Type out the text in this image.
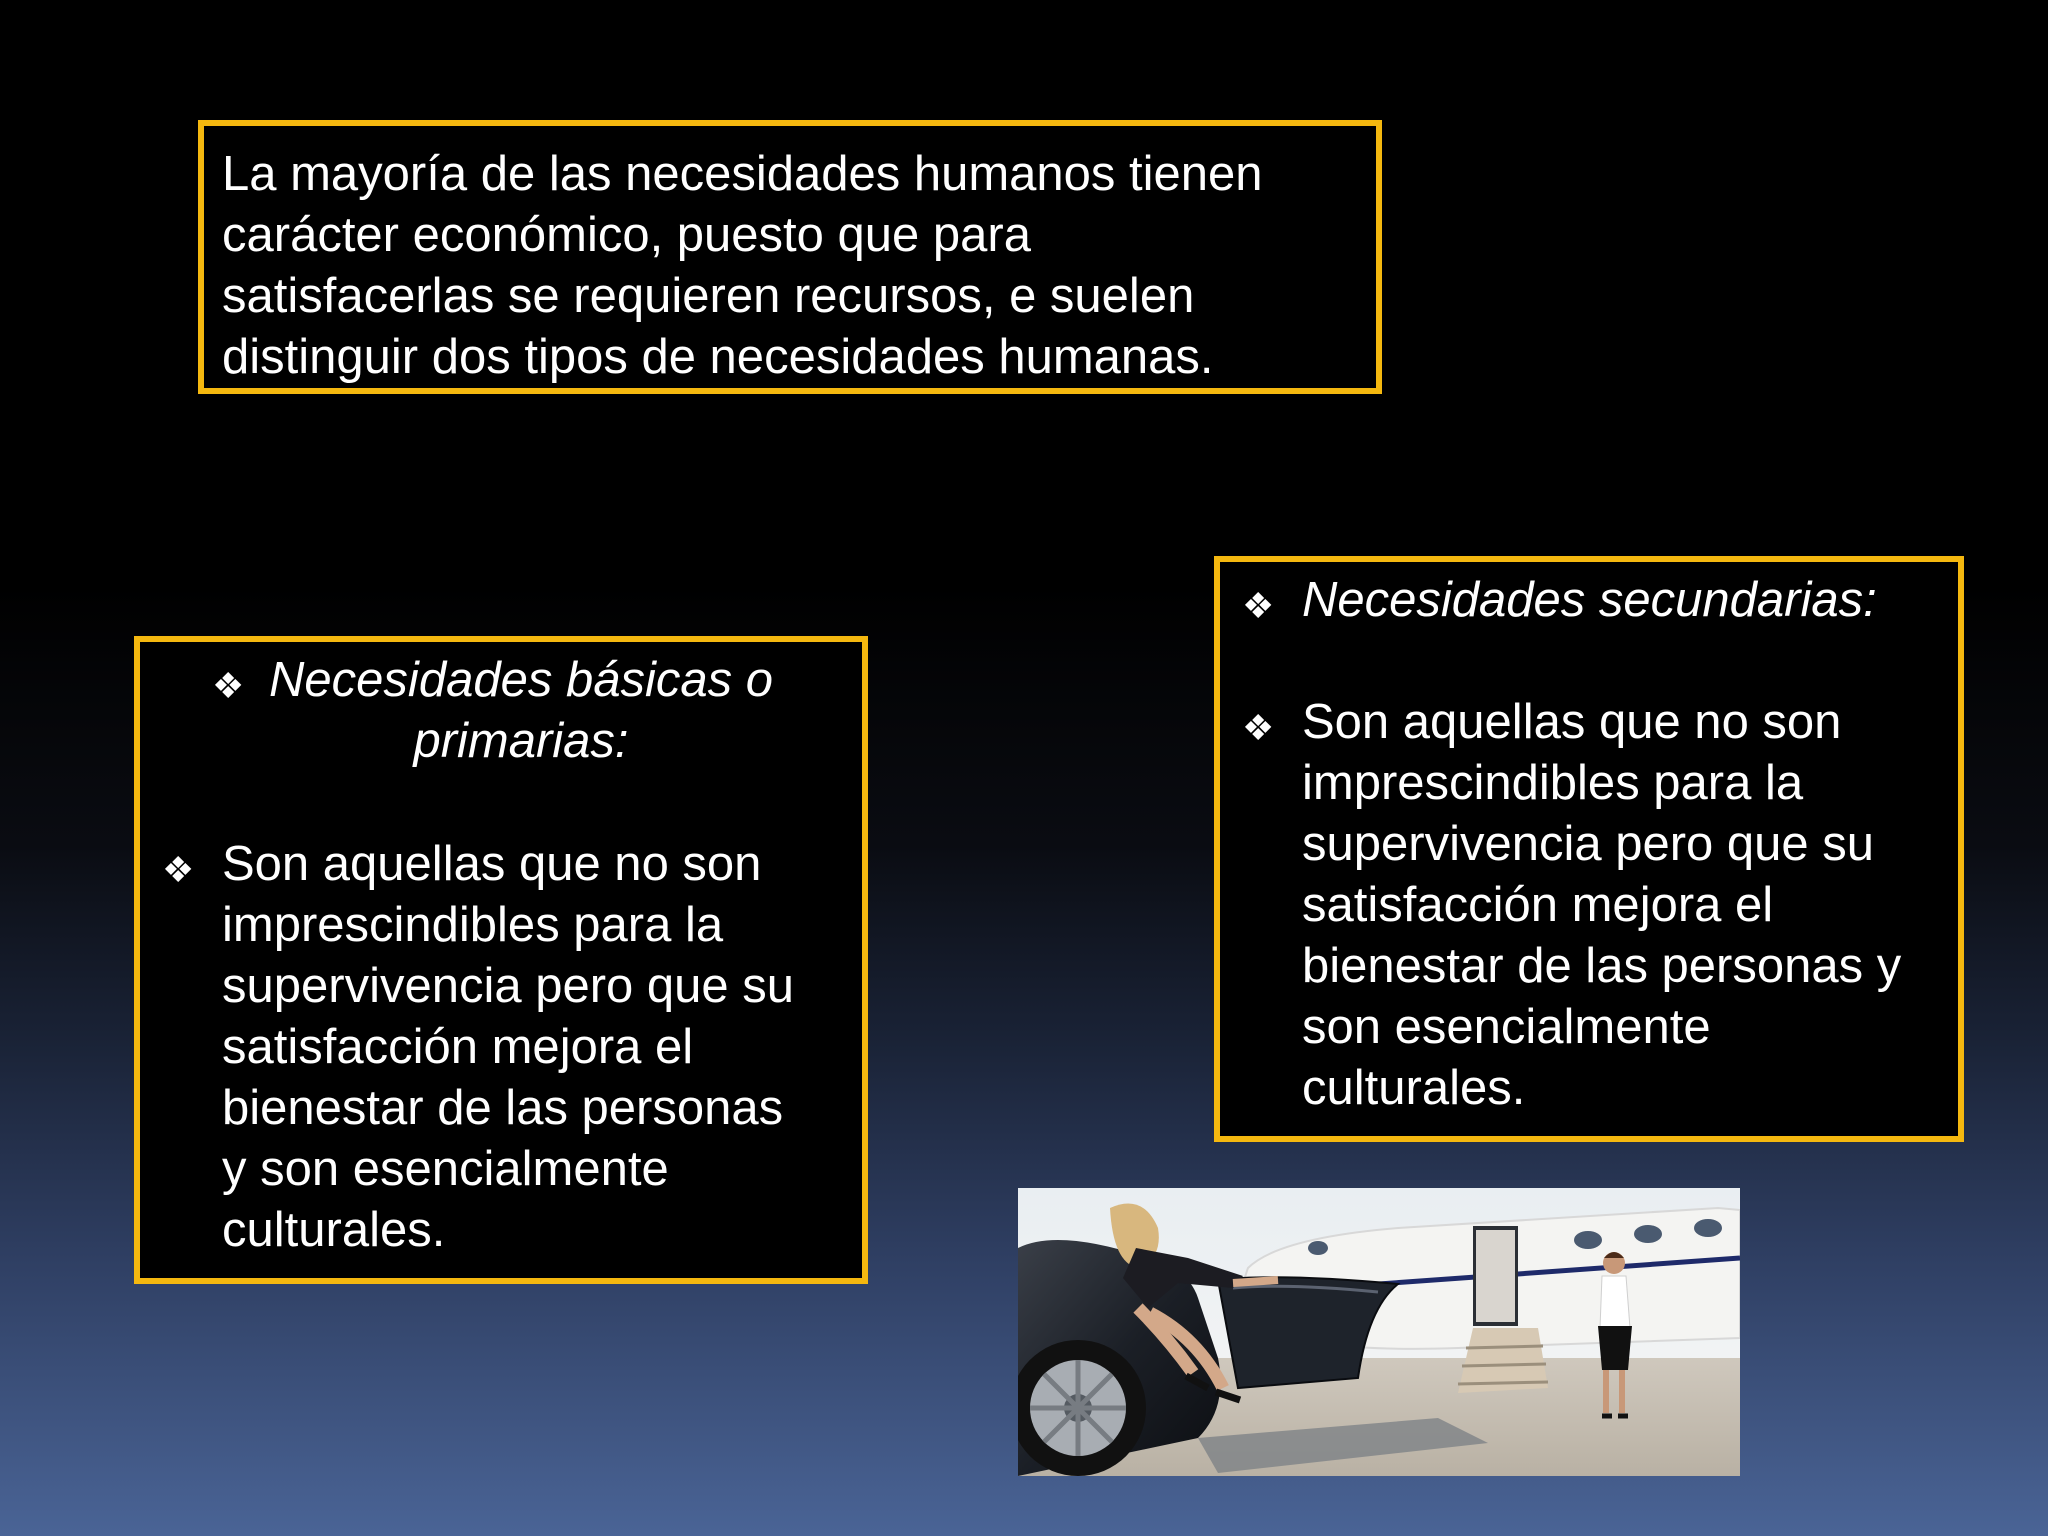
La mayoría de las necesidades humanos tienen
carácter económico, puesto que para
satisfacerlas se requieren recursos, e suelen
distinguir dos tipos de necesidades humanas.

❖ Necesidades básicas o
primarias:

❖ Son aquellas que no son
imprescindibles para la
supervivencia pero que su
satisfacción mejora el
bienestar de las personas
y son esencialmente
culturales.

❖ Necesidades secundarias:

❖ Son aquellas que no son
imprescindibles para la
supervivencia pero que su
satisfacción mejora el
bienestar de las personas y
son esencialmente
culturales.
